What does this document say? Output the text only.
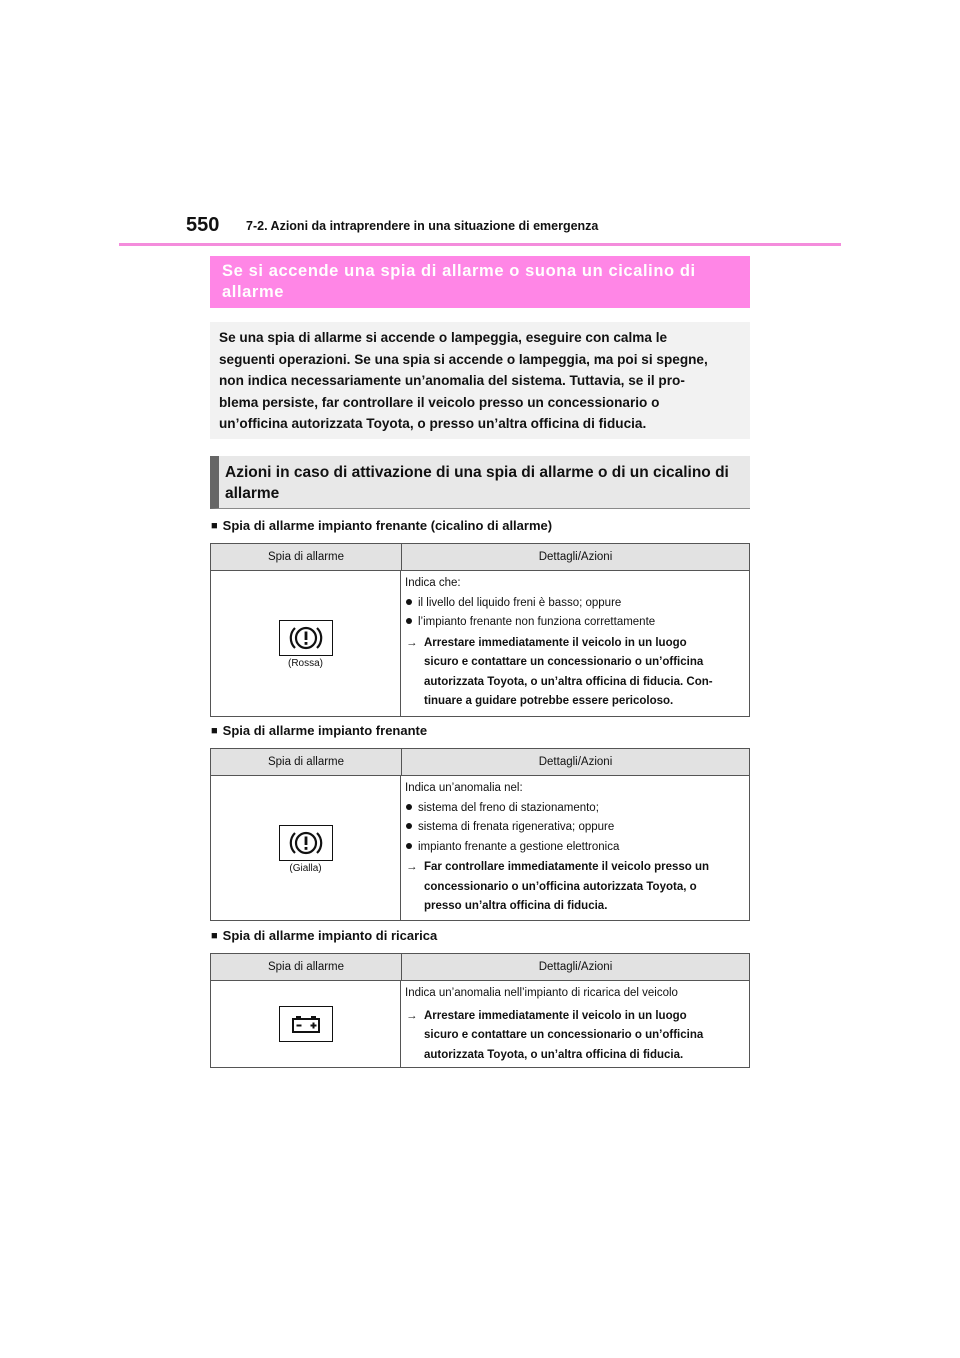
550 7-2. Azioni da intraprendere in una situazione di emergenza
Se si accende una spia di allarme o suona un cicalino di
allarme
Se una spia di allarme si accende o lampeggia, eseguire con calma le
seguenti operazioni. Se una spia si accende o lampeggia, ma poi si spegne,
non indica necessariamente un’anomalia del sistema. Tuttavia, se il pro-
blema persiste, far controllare il veicolo presso un concessionario o
un’officina autorizzata Toyota, o presso un’altra officina di fiducia.
Azioni in caso di attivazione di una spia di allarme o di un cicalino di
allarme
■ Spia di allarme impianto frenante (cicalino di allarme)
Spia di allarme	Dettagli/Azioni
(Rossa)
Indica che:
il livello del liquido freni è basso; oppure
l’impianto frenante non funziona correttamente
→ Arrestare immediatamente il veicolo in un luogo
sicuro e contattare un concessionario o un’officina
autorizzata Toyota, o un’altra officina di fiducia. Con-
tinuare a guidare potrebbe essere pericoloso.
■ Spia di allarme impianto frenante
Spia di allarme	Dettagli/Azioni
(Gialla)
Indica un’anomalia nel:
sistema del freno di stazionamento;
sistema di frenata rigenerativa; oppure
impianto frenante a gestione elettronica
→ Far controllare immediatamente il veicolo presso un
concessionario o un’officina autorizzata Toyota, o
presso un’altra officina di fiducia.
■ Spia di allarme impianto di ricarica
Spia di allarme	Dettagli/Azioni
Indica un’anomalia nell’impianto di ricarica del veicolo
→ Arrestare immediatamente il veicolo in un luogo
sicuro e contattare un concessionario o un’officina
autorizzata Toyota, o un’altra officina di fiducia.
